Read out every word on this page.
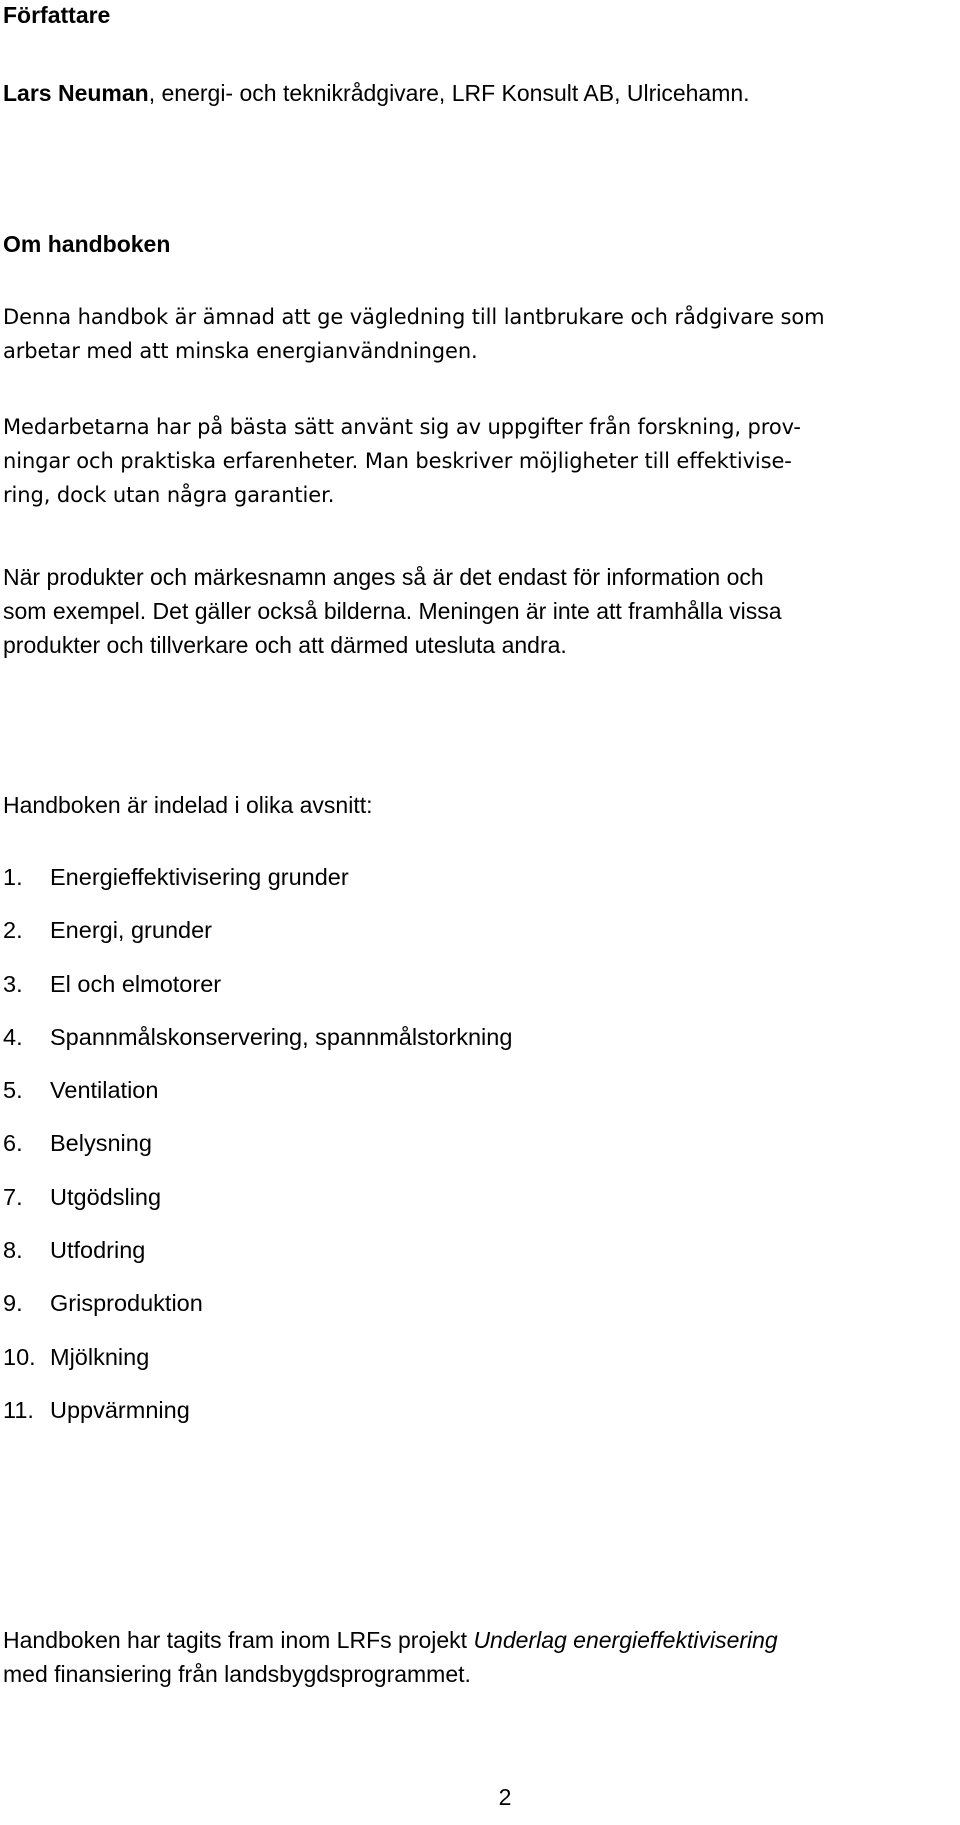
Författare
Lars Neuman, energi- och teknikrådgivare, LRF Konsult AB, Ulricehamn.
Om handboken
Denna handbok är ämnad att ge vägledning till lantbrukare och rådgivare som
arbetar med att minska energianvändningen.
Medarbetarna har på bästa sätt använt sig av uppgifter från forskning, prov-
ningar och praktiska erfarenheter. Man beskriver möjligheter till effektivise-
ring, dock utan några garantier.
När produkter och märkesnamn anges så är det endast för information och
som exempel. Det gäller också bilderna. Meningen är inte att framhålla vissa
produkter och tillverkare och att därmed utesluta andra.
Handboken är indelad i olika avsnitt:
1. Energieffektivisering grunder
2. Energi, grunder
3. El och elmotorer
4. Spannmålskonservering, spannmålstorkning
5. Ventilation
6. Belysning
7. Utgödsling
8. Utfodring
9. Grisproduktion
10. Mjölkning
11. Uppvärmning
Handboken har tagits fram inom LRFs projekt Underlag energieffektivisering
med finansiering från landsbygdsprogrammet.
2
